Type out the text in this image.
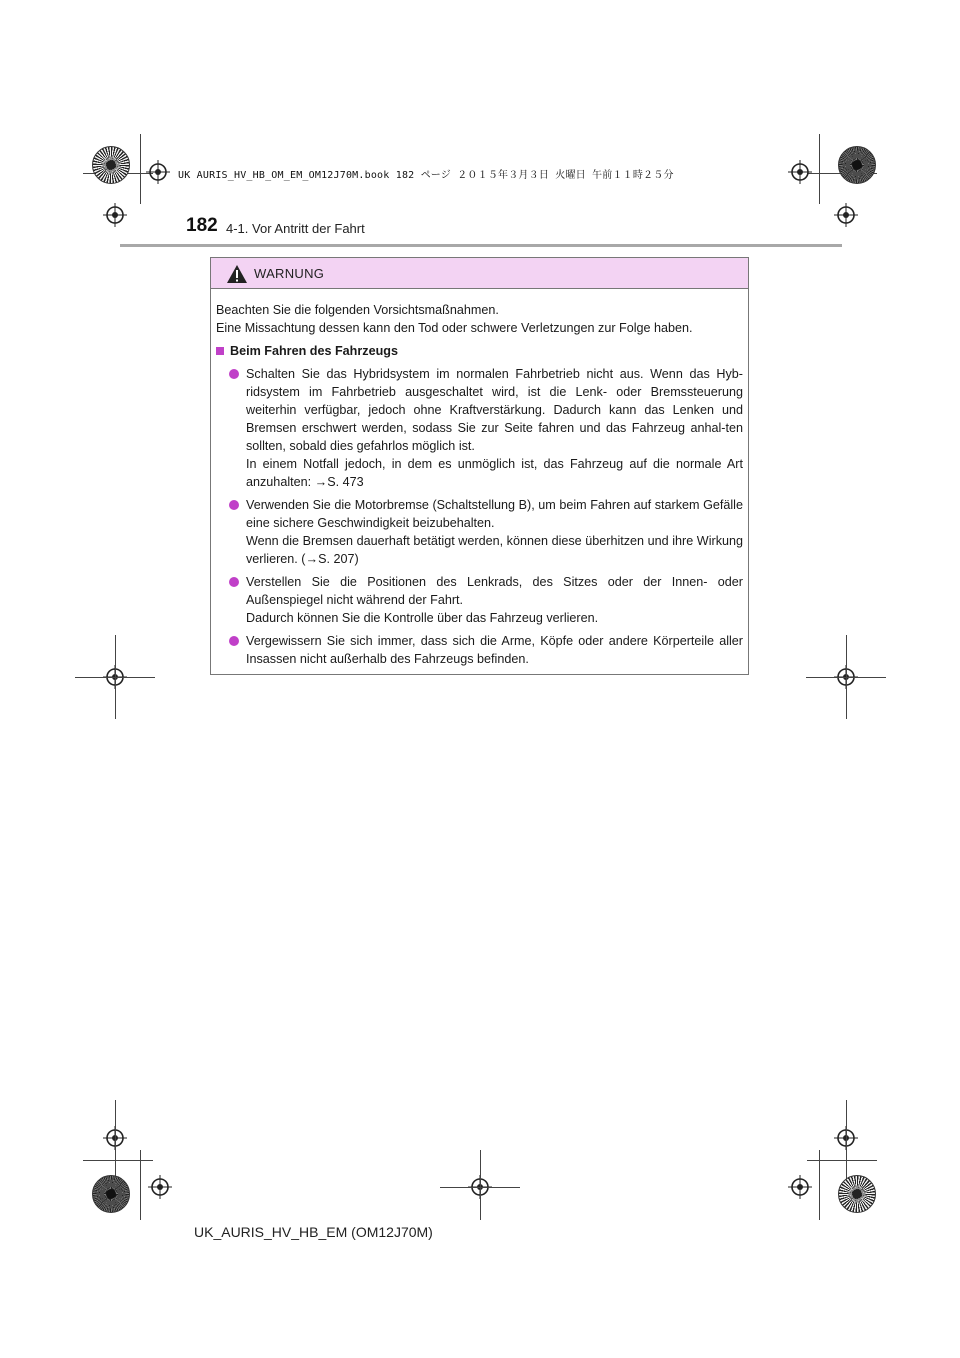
UK AURIS_HV_HB_OM_EM_OM12J70M.book 182 ページ ２０１５年３月３日 火曜日 午前１１時２５分
182 4-1. Vor Antritt der Fahrt
WARNUNG

Beachten Sie die folgenden Vorsichtsmaßnahmen.

Eine Missachtung dessen kann den Tod oder schwere Verletzungen zur Folge haben.

Beim Fahren des Fahrzeugs

Schalten Sie das Hybridsystem im normalen Fahrbetrieb nicht aus. Wenn das Hyb-ridsystem im Fahrbetrieb ausgeschaltet wird, ist die Lenk- oder Bremssteuerung weiterhin verfügbar, jedoch ohne Kraftverstärkung. Dadurch kann das Lenken und Bremsen erschwert werden, sodass Sie zur Seite fahren und das Fahrzeug anhal-ten sollten, sobald dies gefahrlos möglich ist.

In einem Notfall jedoch, in dem es unmöglich ist, das Fahrzeug auf die normale Art anzuhalten: →S. 473

Verwenden Sie die Motorbremse (Schaltstellung B), um beim Fahren auf starkem Gefälle eine sichere Geschwindigkeit beizubehalten.

Wenn die Bremsen dauerhaft betätigt werden, können diese überhitzen und ihre Wirkung verlieren. (→S. 207)

Verstellen Sie die Positionen des Lenkrads, des Sitzes oder der Innen- oder Außenspiegel nicht während der Fahrt.

Dadurch können Sie die Kontrolle über das Fahrzeug verlieren.

Vergewissern Sie sich immer, dass sich die Arme, Köpfe oder andere Körperteile aller Insassen nicht außerhalb des Fahrzeugs befinden.

UK_AURIS_HV_HB_EM (OM12J70M)
